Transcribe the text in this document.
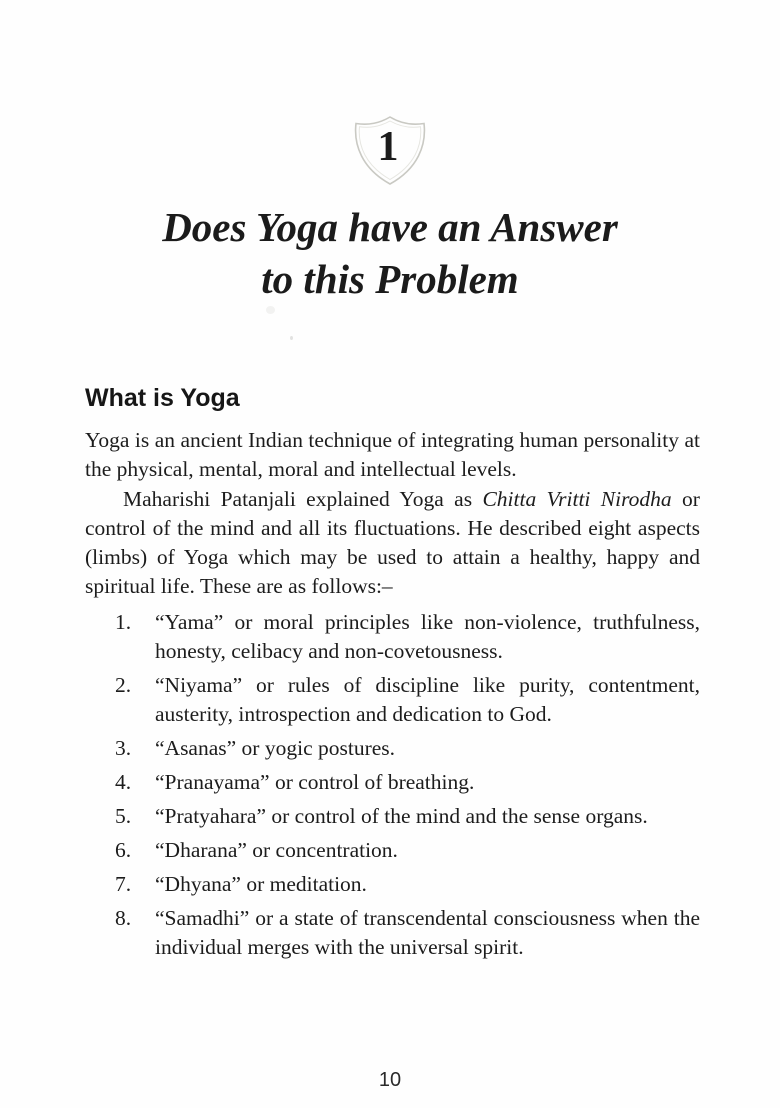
1
Does Yoga have an Answer
to this Problem
What is Yoga

Yoga is an ancient Indian technique of integrating human personality at the physical, mental, moral and intellectual levels.

Maharishi Patanjali explained Yoga as Chitta Vritti Nirodha or control of the mind and all its fluctuations. He described eight aspects (limbs) of Yoga which may be used to attain a healthy, happy and spiritual life. These are as follows:–

1.	“Yama” or moral principles like non-violence, truthfulness, honesty, celibacy and non-covetousness.
2.	“Niyama” or rules of discipline like purity, contentment, austerity, introspection and dedication to God.
3.	“Asanas” or yogic postures.
4.	“Pranayama” or control of breathing.
5.	“Pratyahara” or control of the mind and the sense organs.
6.	“Dharana” or concentration.
7.	“Dhyana” or meditation.
8.	“Samadhi” or a state of transcendental consciousness when the individual merges with the universal spirit.
10
